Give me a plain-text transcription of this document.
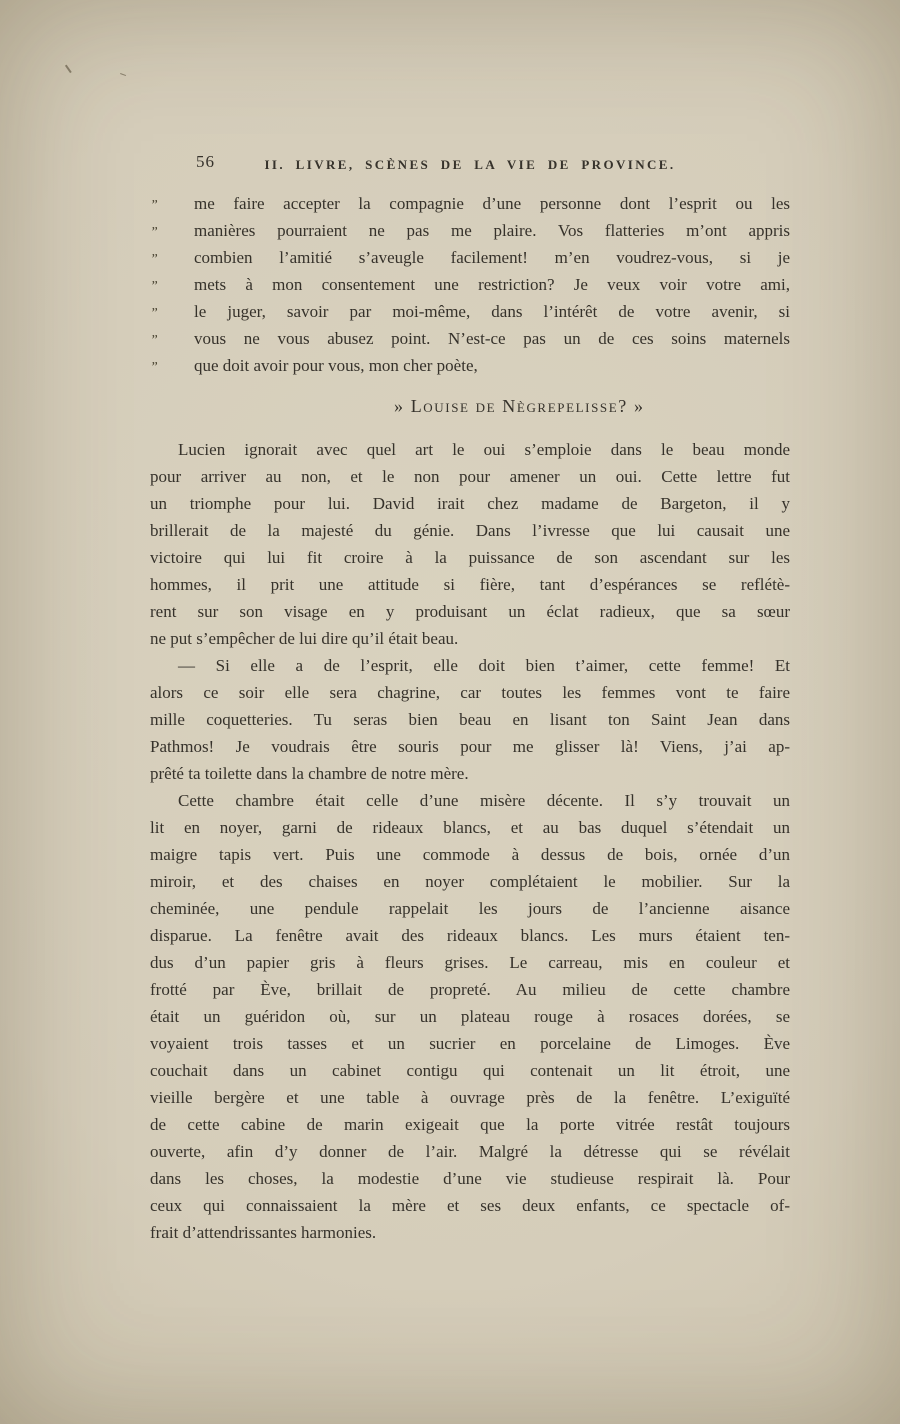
56	II. LIVRE, SCÈNES DE LA VIE DE PROVINCE.
” me faire accepter la compagnie d’une personne dont l’esprit ou les
” manières pourraient ne pas me plaire. Vos flatteries m’ont appris
” combien l’amitié s’aveugle facilement! m’en voudrez-vous, si je
” mets à mon consentement une restriction? Je veux voir votre ami,
” le juger, savoir par moi-même, dans l’intérêt de votre avenir, si
” vous ne vous abusez point. N’est-ce pas un de ces soins maternels
” que doit avoir pour vous, mon cher poète,
» Louise de Nègrepelisse? »
Lucien ignorait avec quel art le oui s’emploie dans le beau monde
pour arriver au non, et le non pour amener un oui. Cette lettre fut
un triomphe pour lui. David irait chez madame de Bargeton, il y
brillerait de la majesté du génie. Dans l’ivresse que lui causait une
victoire qui lui fit croire à la puissance de son ascendant sur les
hommes, il prit une attitude si fière, tant d’espérances se reflétè-
rent sur son visage en y produisant un éclat radieux, que sa sœur
ne put s’empêcher de lui dire qu’il était beau.
— Si elle a de l’esprit, elle doit bien t’aimer, cette femme! Et
alors ce soir elle sera chagrine, car toutes les femmes vont te faire
mille coquetteries. Tu seras bien beau en lisant ton Saint Jean dans
Pathmos! Je voudrais être souris pour me glisser là! Viens, j’ai ap-
prêté ta toilette dans la chambre de notre mère.
Cette chambre était celle d’une misère décente. Il s’y trouvait un
lit en noyer, garni de rideaux blancs, et au bas duquel s’étendait un
maigre tapis vert. Puis une commode à dessus de bois, ornée d’un
miroir, et des chaises en noyer complétaient le mobilier. Sur la
cheminée, une pendule rappelait les jours de l’ancienne aisance
disparue. La fenêtre avait des rideaux blancs. Les murs étaient ten-
dus d’un papier gris à fleurs grises. Le carreau, mis en couleur et
frotté par Ève, brillait de propreté. Au milieu de cette chambre
était un guéridon où, sur un plateau rouge à rosaces dorées, se
voyaient trois tasses et un sucrier en porcelaine de Limoges. Ève
couchait dans un cabinet contigu qui contenait un lit étroit, une
vieille bergère et une table à ouvrage près de la fenêtre. L’exiguïté
de cette cabine de marin exigeait que la porte vitrée restât toujours
ouverte, afin d’y donner de l’air. Malgré la détresse qui se révélait
dans les choses, la modestie d’une vie studieuse respirait là. Pour
ceux qui connaissaient la mère et ses deux enfants, ce spectacle of-
frait d’attendrissantes harmonies.
